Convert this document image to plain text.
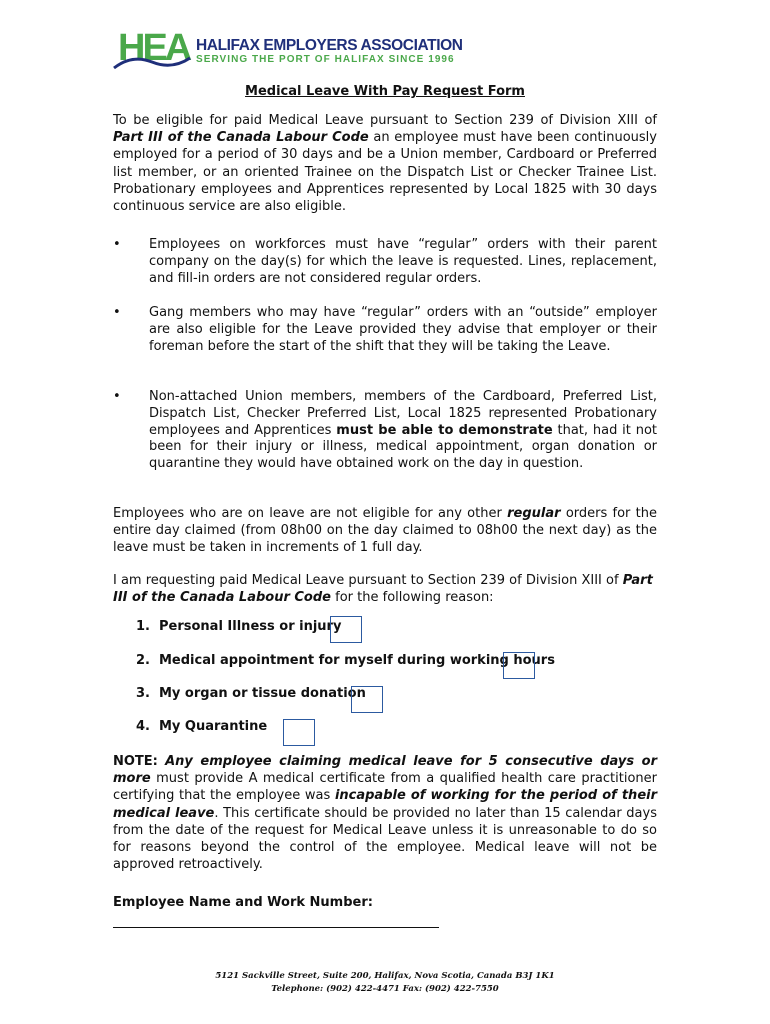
HEA HALIFAX EMPLOYERS ASSOCIATION
SERVING THE PORT OF HALIFAX SINCE 1996
Medical Leave With Pay Request Form
To be eligible for paid Medical Leave pursuant to Section 239 of Division XIII of Part III of the Canada Labour Code an employee must have been continuously employed for a period of 30 days and be a Union member, Cardboard or Preferred list member, or an oriented Trainee on the Dispatch List or Checker Trainee List. Probationary employees and Apprentices represented by Local 1825 with 30 days continuous service are also eligible.
•	Employees on workforces must have “regular” orders with their parent company on the day(s) for which the leave is requested. Lines, replacement, and fill-in orders are not considered regular orders.
•	Gang members who may have “regular” orders with an “outside” employer are also eligible for the Leave provided they advise that employer or their foreman before the start of the shift that they will be taking the Leave.
•	Non-attached Union members, members of the Cardboard, Preferred List, Dispatch List, Checker Preferred List, Local 1825 represented Probationary employees and Apprentices must be able to demonstrate that, had it not been for their injury or illness, medical appointment, organ donation or quarantine they would have obtained work on the day in question.
Employees who are on leave are not eligible for any other regular orders for the entire day claimed (from 08h00 on the day claimed to 08h00 the next day) as the leave must be taken in increments of 1 full day.
I am requesting paid Medical Leave pursuant to Section 239 of Division XIII of Part III of the Canada Labour Code for the following reason:
1. Personal Illness or injury
2. Medical appointment for myself during working hours
3. My organ or tissue donation
4. My Quarantine
NOTE: Any employee claiming medical leave for 5 consecutive days or more must provide A medical certificate from a qualified health care practitioner certifying that the employee was incapable of working for the period of their medical leave. This certificate should be provided no later than 15 calendar days from the date of the request for Medical Leave unless it is unreasonable to do so for reasons beyond the control of the employee. Medical leave will not be approved retroactively.
Employee Name and Work Number:
5121 Sackville Street, Suite 200, Halifax, Nova Scotia, Canada B3J 1K1
Telephone: (902) 422-4471 Fax: (902) 422-7550
